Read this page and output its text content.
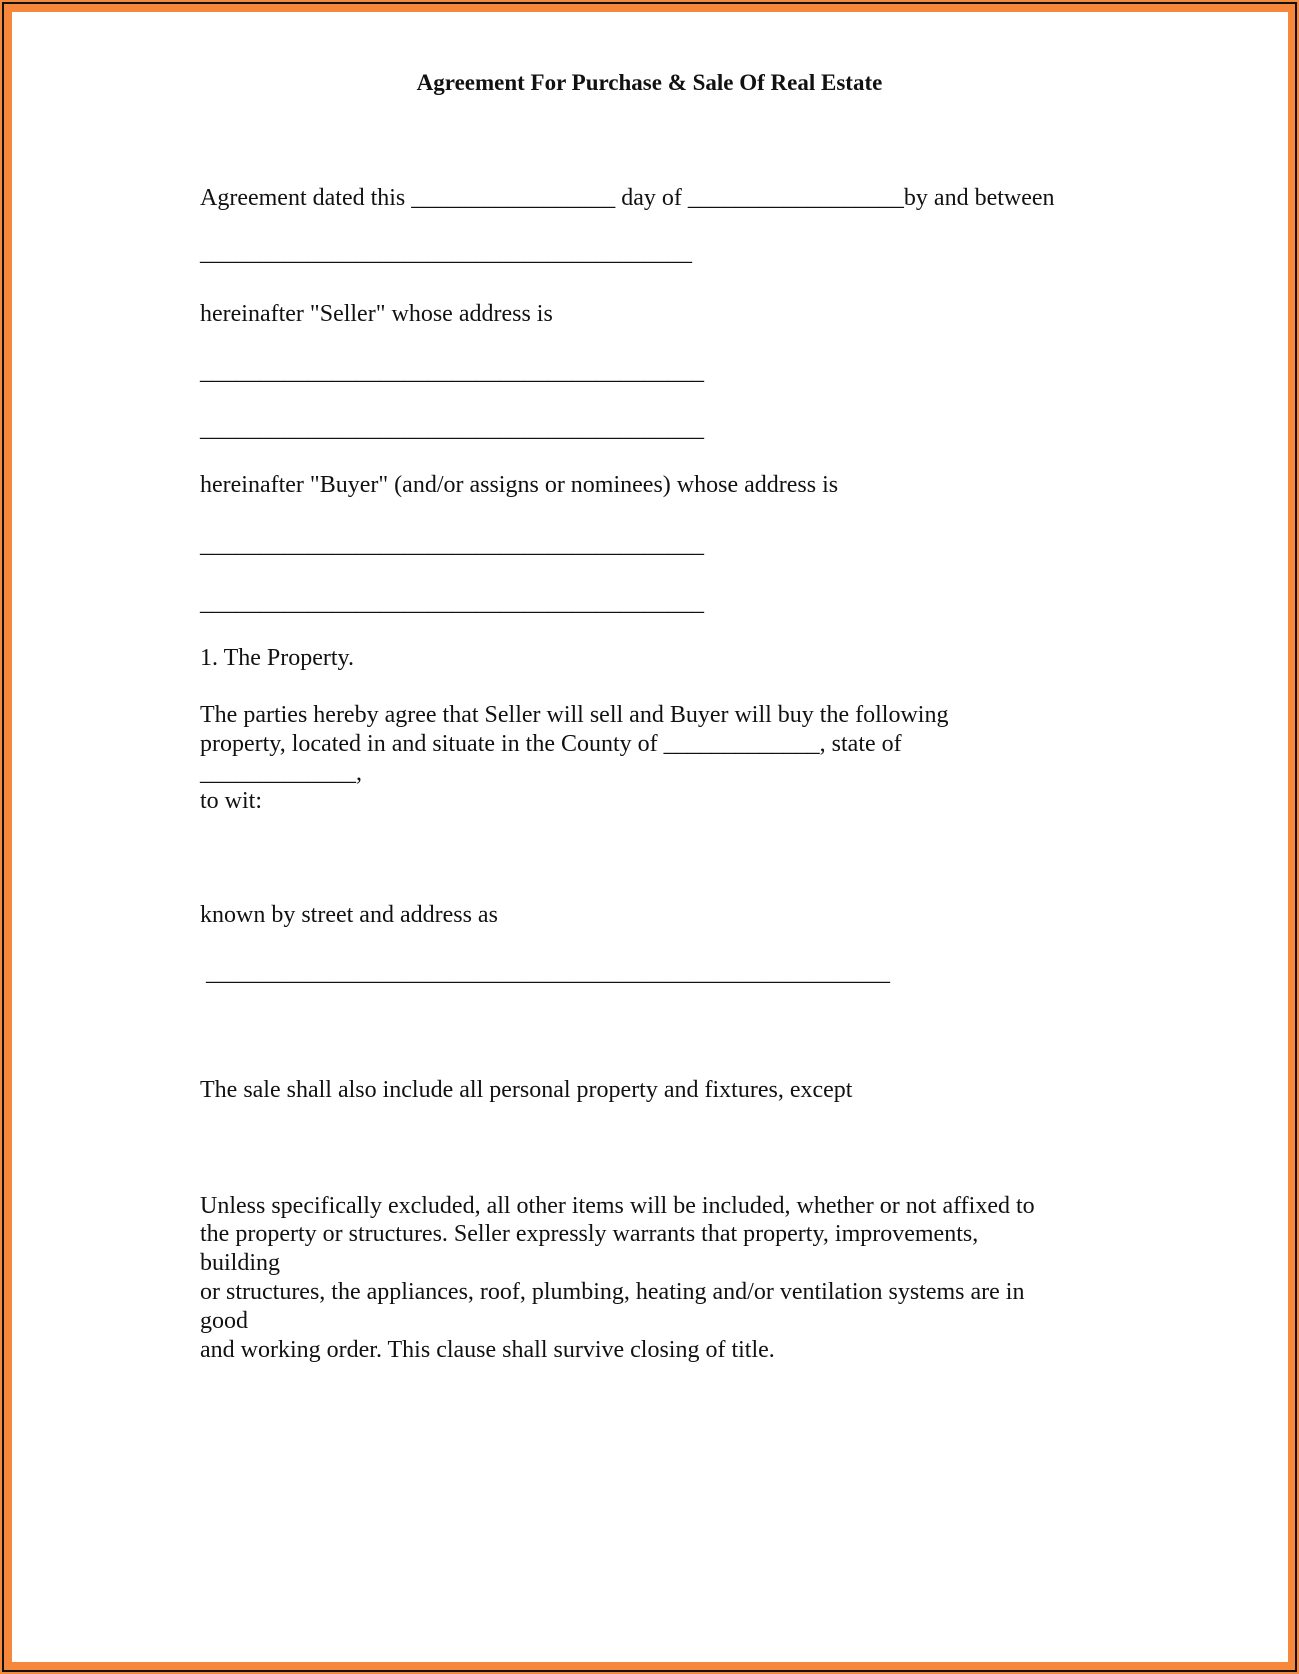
Agreement For Purchase & Sale Of Real Estate

Agreement dated this _________________ day of __________________by and between

_________________________________________

hereinafter "Seller" whose address is

__________________________________________

__________________________________________

hereinafter "Buyer" (and/or assigns or nominees) whose address is

__________________________________________

__________________________________________

1. The Property.

The parties hereby agree that Seller will sell and Buyer will buy the following

property, located in and situate in the County of _____________, state of

_____________,

to wit:

known by street and address as

_________________________________________________________

The sale shall also include all personal property and fixtures, except

Unless specifically excluded, all other items will be included, whether or not affixed to

the property or structures. Seller expressly warrants that property, improvements,

building

or structures, the appliances, roof, plumbing, heating and/or ventilation systems are in

good

and working order. This clause shall survive closing of title.
